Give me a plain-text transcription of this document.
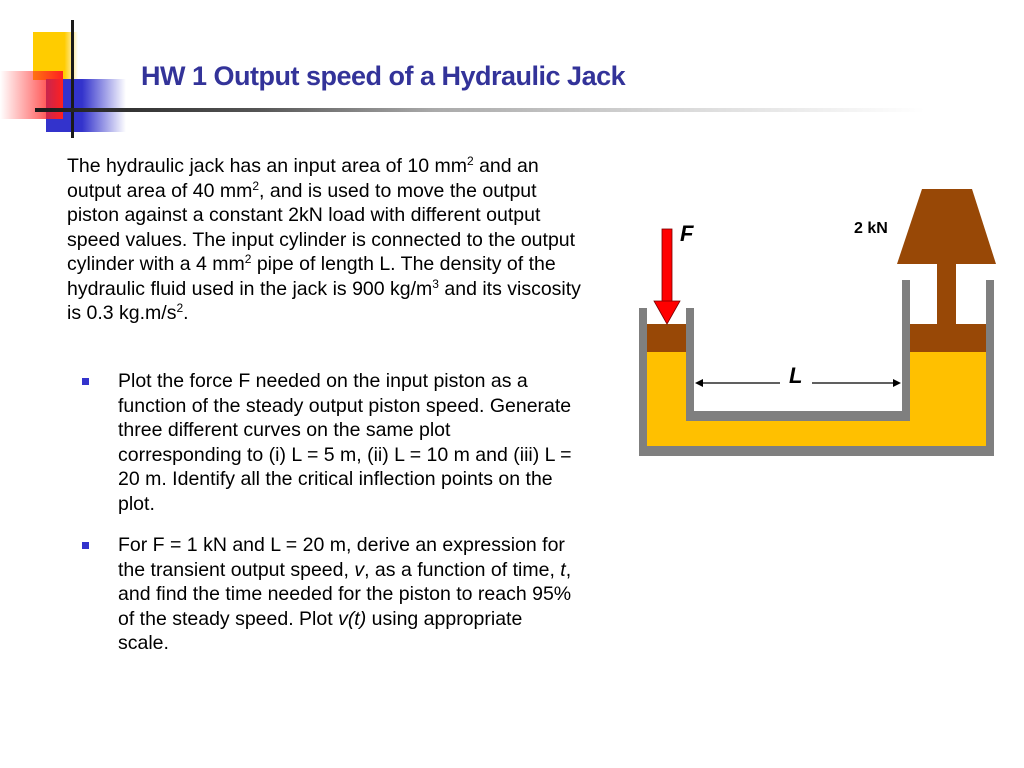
HW 1 Output speed of a Hydraulic Jack
The hydraulic jack has an input area of 10 $mm^2$ and an output area of 40 $mm^2$, and is used to move the output piston against a constant 2kN load with different output speed values. The input cylinder is connected to the output cylinder with a 4 $mm^2$ pipe of length L. The density of the hydraulic fluid used in the jack is 900 $kg/m^3$ and its viscosity is 0.3 $kg.m/s^2$.
Plot the force F needed on the input piston as a function of the steady output piston speed. Generate three different curves on the same plot corresponding to (i) L = 5 m, (ii) L = 10 m and (iii) L = 20 m. Identify all the critical inflection points on the plot.
For F = 1 kN and L = 20 m, derive an expression for the transient output speed, v, as a function of time, t, and find the time needed for the piston to reach 95% of the steady speed. Plot v(t) using appropriate scale.
F	2 kN
L
